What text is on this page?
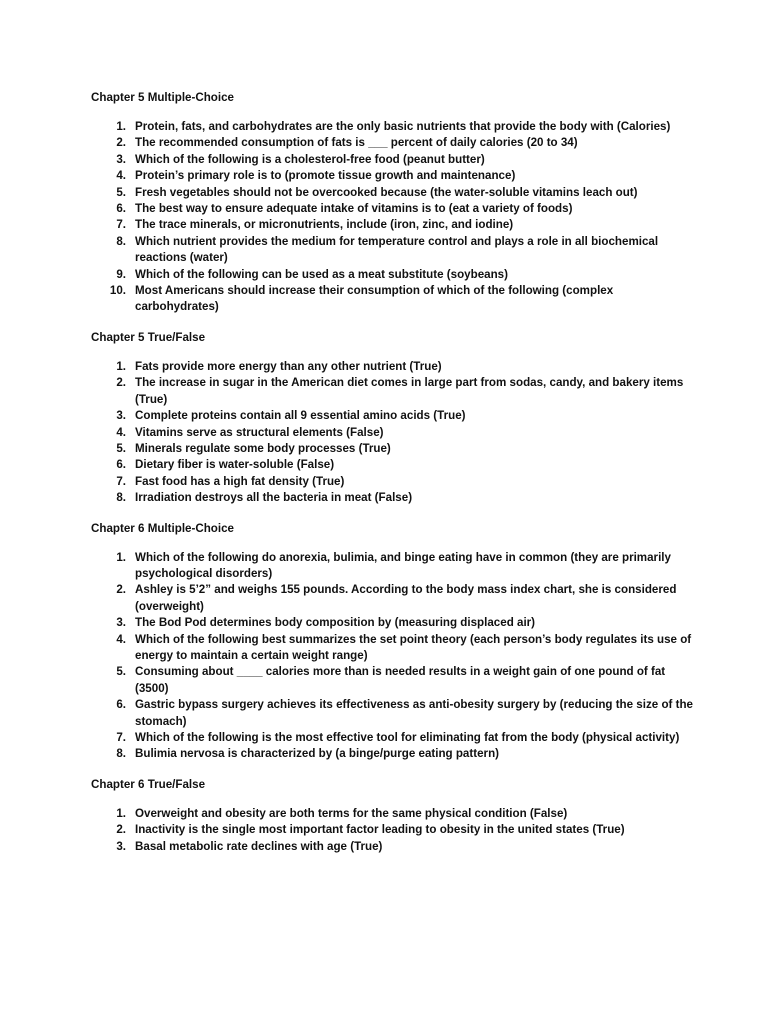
Chapter 5 Multiple-Choice

1. Protein, fats, and carbohydrates are the only basic nutrients that provide the body with (Calories)
2. The recommended consumption of fats is ___ percent of daily calories (20 to 34)
3. Which of the following is a cholesterol-free food (peanut butter)
4. Protein’s primary role is to (promote tissue growth and maintenance)
5. Fresh vegetables should not be overcooked because (the water-soluble vitamins leach out)
6. The best way to ensure adequate intake of vitamins is to (eat a variety of foods)
7. The trace minerals, or micronutrients, include (iron, zinc, and iodine)
8. Which nutrient provides the medium for temperature control and plays a role in all biochemical reactions (water)
9. Which of the following can be used as a meat substitute (soybeans)
10. Most Americans should increase their consumption of which of the following (complex carbohydrates)

Chapter 5 True/False

1. Fats provide more energy than any other nutrient (True)
2. The increase in sugar in the American diet comes in large part from sodas, candy, and bakery items (True)
3. Complete proteins contain all 9 essential amino acids (True)
4. Vitamins serve as structural elements (False)
5. Minerals regulate some body processes (True)
6. Dietary fiber is water-soluble (False)
7. Fast food has a high fat density (True)
8. Irradiation destroys all the bacteria in meat (False)

Chapter 6 Multiple-Choice

1. Which of the following do anorexia, bulimia, and binge eating have in common (they are primarily psychological disorders)
2. Ashley is 5’2” and weighs 155 pounds. According to the body mass index chart, she is considered (overweight)
3. The Bod Pod determines body composition by (measuring displaced air)
4. Which of the following best summarizes the set point theory (each person’s body regulates its use of energy to maintain a certain weight range)
5. Consuming about ____ calories more than is needed results in a weight gain of one pound of fat (3500)
6. Gastric bypass surgery achieves its effectiveness as anti-obesity surgery by (reducing the size of the stomach)
7. Which of the following is the most effective tool for eliminating fat from the body (physical activity)
8. Bulimia nervosa is characterized by (a binge/purge eating pattern)

Chapter 6 True/False

1. Overweight and obesity are both terms for the same physical condition (False)
2. Inactivity is the single most important factor leading to obesity in the united states (True)
3. Basal metabolic rate declines with age (True)
